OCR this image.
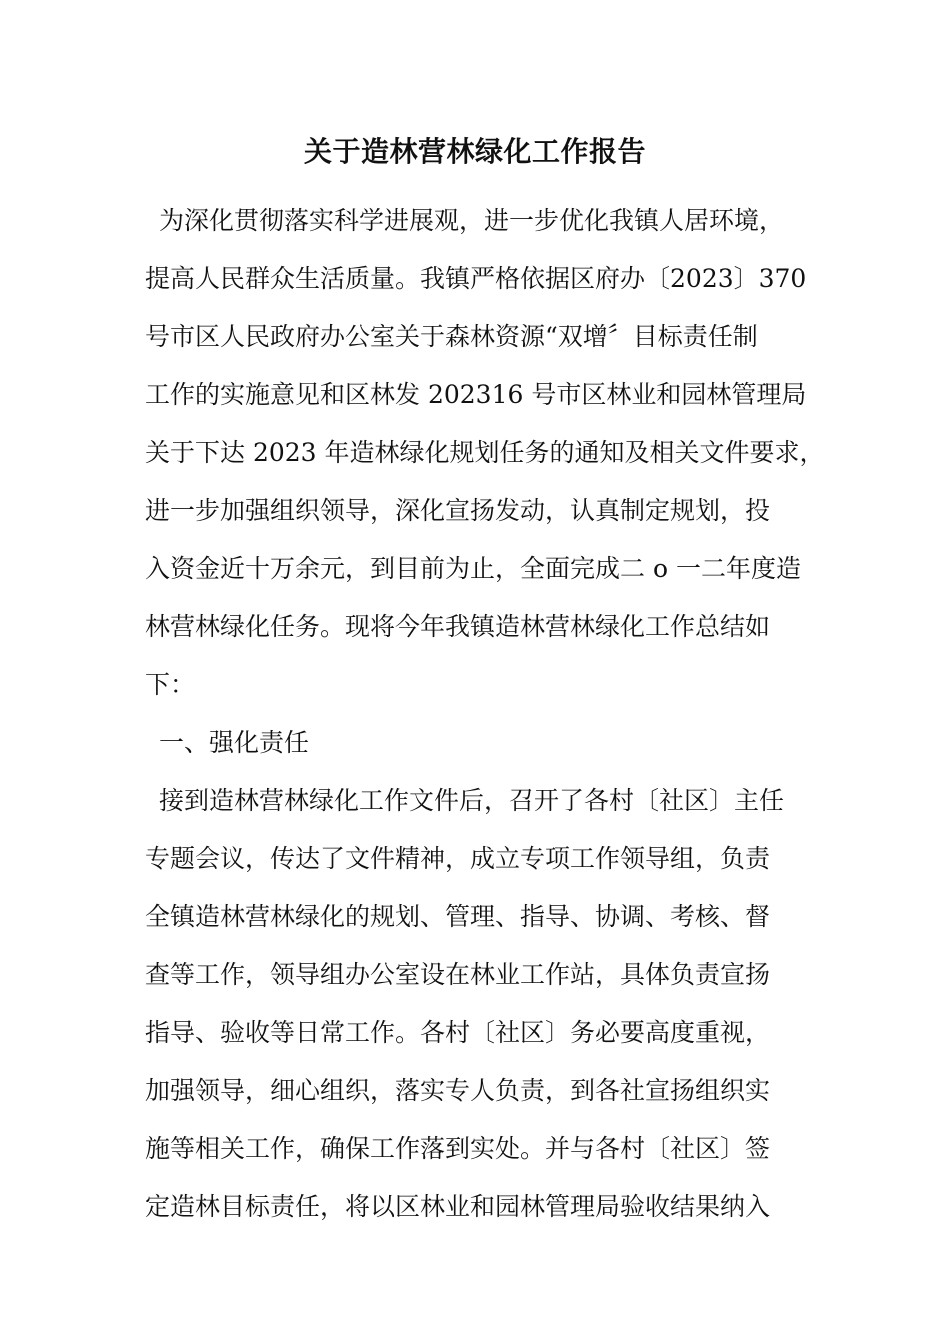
关于造林营林绿化工作报告
为深化贯彻落实科学进展观，进一步优化我镇人居环境，
提高人民群众生活质量。我镇严格依据区府办〔2023〕370
号市区人民政府办公室关于森林资源“双增〞目标责任制
工作的实施意见和区林发 202316 号市区林业和园林管理局
关于下达 2023 年造林绿化规划任务的通知及相关文件要求，
进一步加强组织领导，深化宣扬发动，认真制定规划，投
入资金近十万余元，到目前为止，全面完成二 o 一二年度造
林营林绿化任务。现将今年我镇造林营林绿化工作总结如
下：
一、强化责任
接到造林营林绿化工作文件后，召开了各村〔社区〕主任
专题会议，传达了文件精神，成立专项工作领导组，负责
全镇造林营林绿化的规划、管理、指导、协调、考核、督
查等工作，领导组办公室设在林业工作站，具体负责宣扬
指导、验收等日常工作。各村〔社区〕务必要高度重视，
加强领导，细心组织，落实专人负责，到各社宣扬组织实
施等相关工作，确保工作落到实处。并与各村〔社区〕签
定造林目标责任，将以区林业和园林管理局验收结果纳入
